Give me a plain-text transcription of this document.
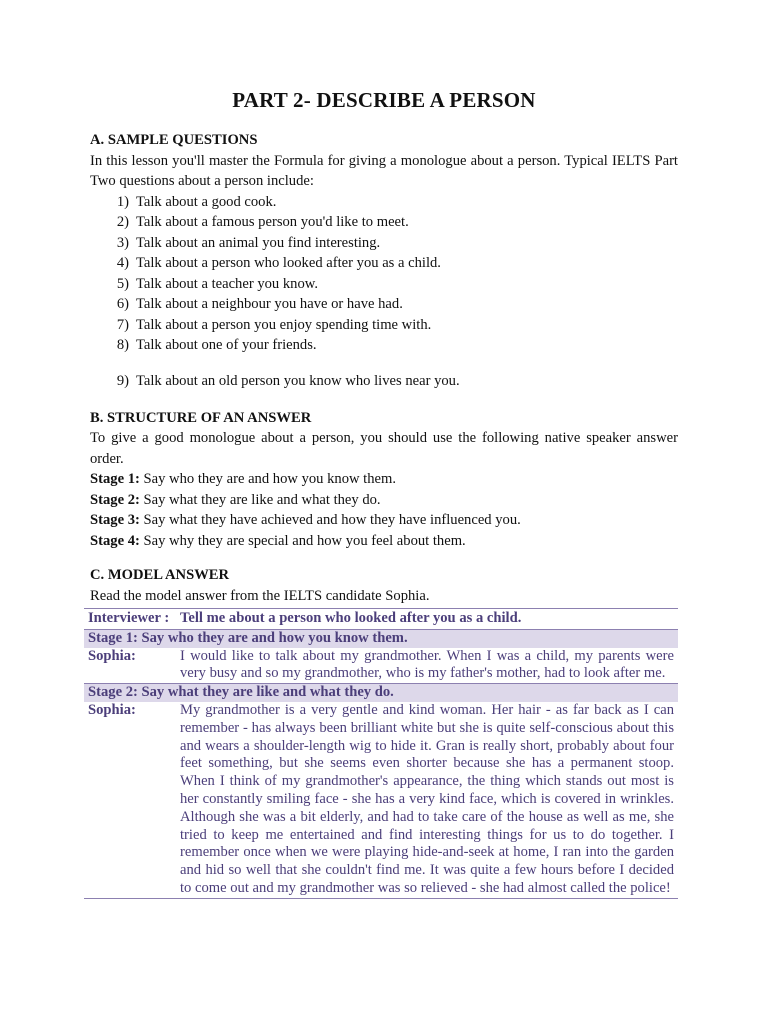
PART 2- DESCRIBE A PERSON

A. SAMPLE QUESTIONS

In this lesson you'll master the Formula for giving a monologue about a person. Typical IELTS Part Two questions about a person include:

1) Talk about a good cook.
2) Talk about a famous person you'd like to meet.
3) Talk about an animal you find interesting.
4) Talk about a person who looked after you as a child.
5) Talk about a teacher you know.
6) Talk about a neighbour you have or have had.
7) Talk about a person you enjoy spending time with.
8) Talk about one of your friends.
9) Talk about an old person you know who lives near you.

B. STRUCTURE OF AN ANSWER

To give a good monologue about a person, you should use the following native speaker answer order.

Stage 1: Say who they are and how you know them.

Stage 2: Say what they are like and what they do.

Stage 3: Say what they have achieved and how they have influenced you.

Stage 4: Say why they are special and how you feel about them.

C. MODEL ANSWER

Read the model answer from the IELTS candidate Sophia.

Interviewer :	Tell me about a person who looked after you as a child.
Stage 1: Say who they are and how you know them.	
Sophia:	I would like to talk about my grandmother. When I was a child, my parents were very busy and so my grandmother, who is my father's mother, had to look after me.
Stage 2: Say what they are like and what they do.	
Sophia:	My grandmother is a very gentle and kind woman. Her hair - as far back as I can remember - has always been brilliant white but she is quite self-conscious about this and wears a shoulder-length wig to hide it. Gran is really short, probably about four feet something, but she seems even shorter because she has a permanent stoop. When I think of my grandmother's appearance, the thing which stands out most is her constantly smiling face - she has a very kind face, which is covered in wrinkles. Although she was a bit elderly, and had to take care of the house as well as me, she tried to keep me entertained and find interesting things for us to do together. I remember once when we were playing hide-and-seek at home, I ran into the garden and hid so well that she couldn't find me. It was quite a few hours before I decided to come out and my grandmother was so relieved - she had almost called the police!
